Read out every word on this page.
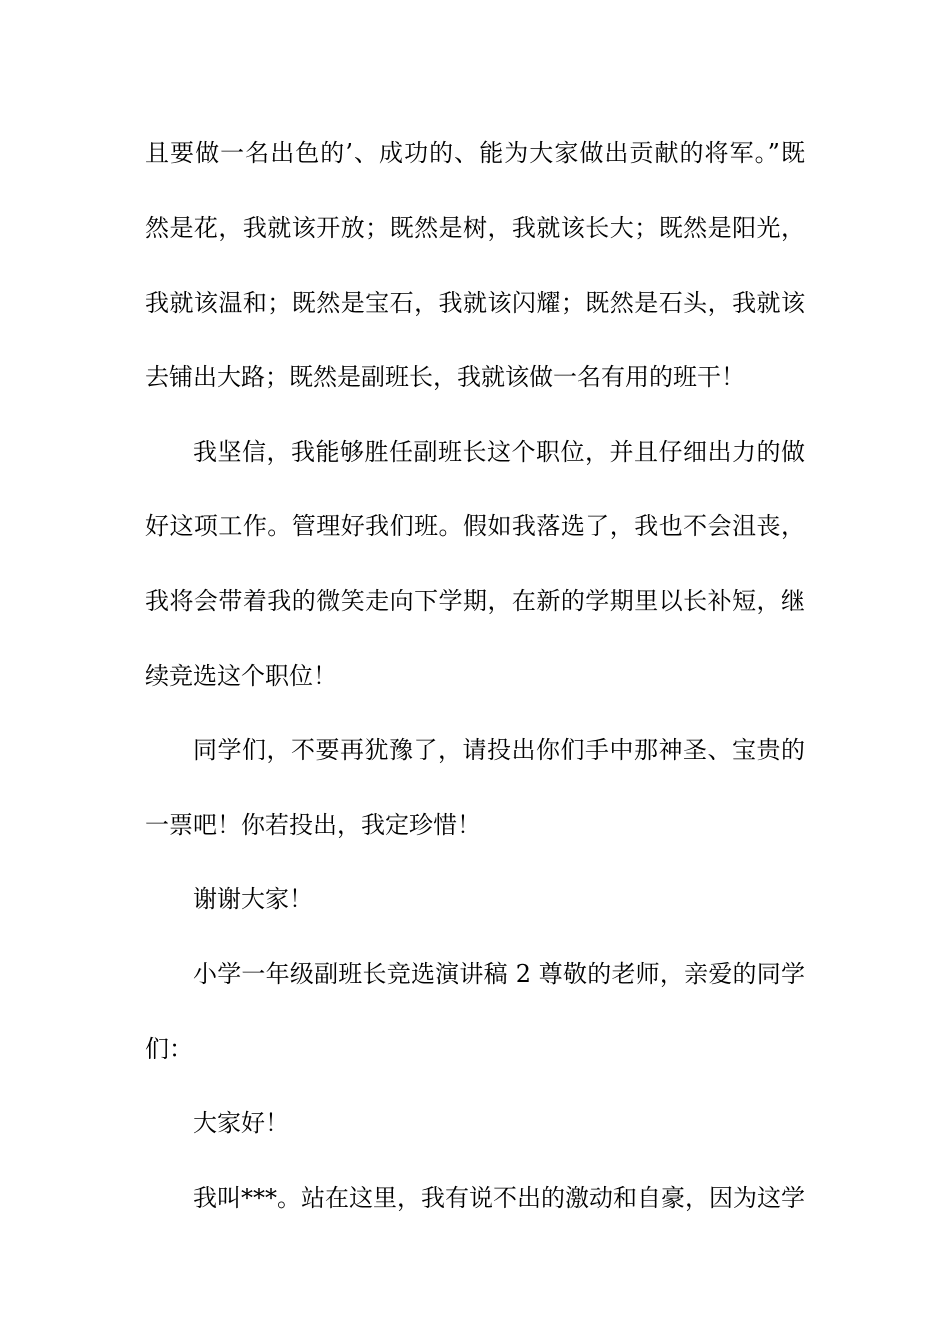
且要做一名出色的’、成功的、能为大家做出贡献的将军。”既
然是花，我就该开放；既然是树，我就该长大；既然是阳光，
我就该温和；既然是宝石，我就该闪耀；既然是石头，我就该
去铺出大路；既然是副班长，我就该做一名有用的班干！
我坚信，我能够胜任副班长这个职位，并且仔细出力的做
好这项工作。管理好我们班。假如我落选了，我也不会沮丧，
我将会带着我的微笑走向下学期，在新的学期里以长补短，继
续竞选这个职位！
同学们，不要再犹豫了，请投出你们手中那神圣、宝贵的
一票吧！你若投出，我定珍惜！
谢谢大家！
小学一年级副班长竞选演讲稿 2 尊敬的老师，亲爱的同学
们：
大家好！
我叫***。站在这里，我有说不出的激动和自豪，因为这学
